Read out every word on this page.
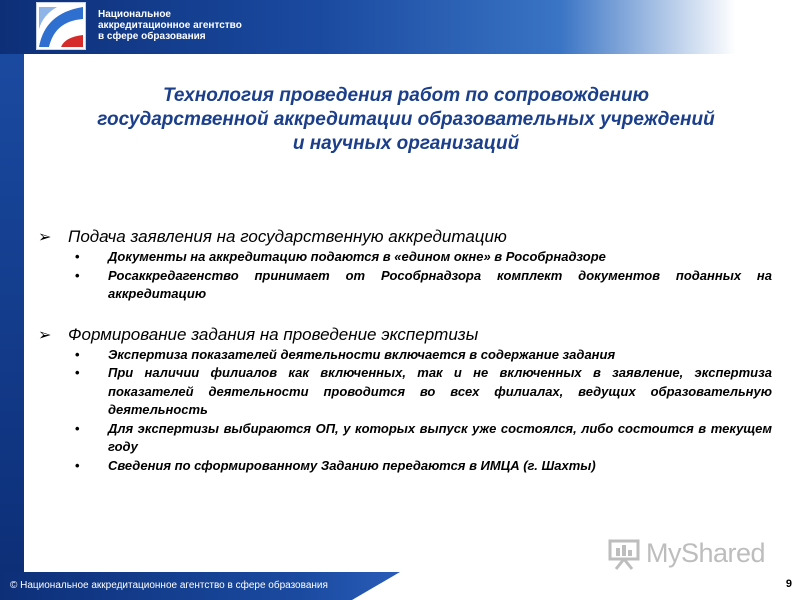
Национальное
аккредитационное агентство
в сфере образования
Технология проведения работ по сопровождению
государственной аккредитации образовательных учреждений
и научных организаций
➢ Подача заявления на государственную аккредитацию
• Документы на аккредитацию подаются в «едином окне» в Рособрнадзоре
• Росаккредагенство принимает от Рособрнадзора комплект документов поданных на аккредитацию
➢ Формирование задания на проведение экспертизы
• Экспертиза показателей деятельности включается в содержание задания
• При наличии филиалов как включенных, так и не включенных в заявление, экспертиза показателей деятельности проводится во всех филиалах, ведущих образовательную деятельность
• Для экспертизы выбираются ОП, у которых выпуск уже состоялся, либо состоится в текущем году
• Сведения по сформированному Заданию передаются в ИМЦА (г. Шахты)
MyShared
© Национальное аккредитационное агентство в сфере образования	9
